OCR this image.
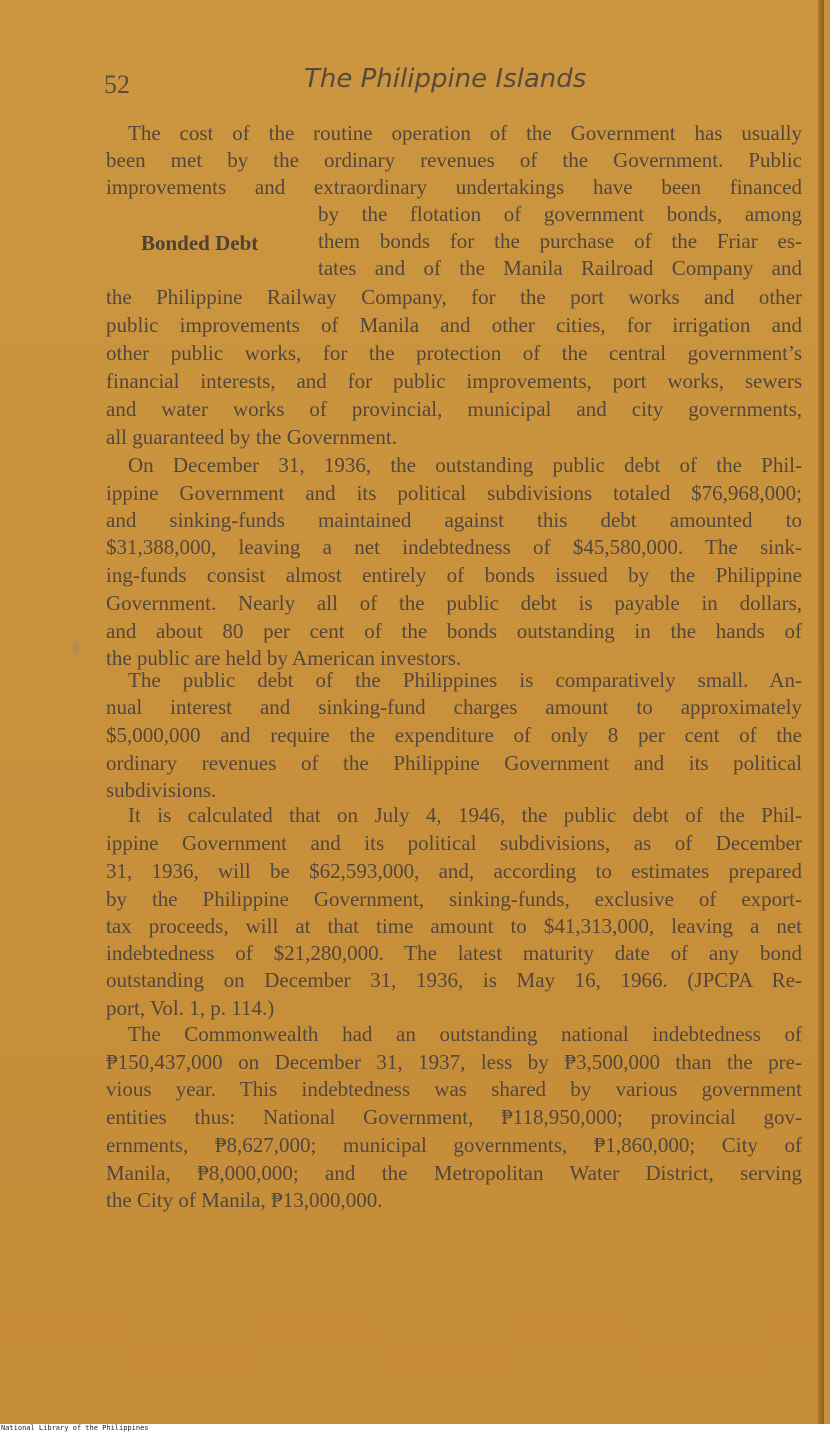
52	The Philippine Islands
Bonded Debt

The cost of the routine operation of the Government has usually

been met by the ordinary revenues of the Government. Public

improvements and extraordinary undertakings have been financed

by the flotation of government bonds, among

them bonds for the purchase of the Friar es-

tates and of the Manila Railroad Company and

the Philippine Railway Company, for the port works and other

public improvements of Manila and other cities, for irrigation and

other public works, for the protection of the central government’s

financial interests, and for public improvements, port works, sewers

and water works of provincial, municipal and city governments,

all guaranteed by the Government.

On December 31, 1936, the outstanding public debt of the Phil-

ippine Government and its political subdivisions totaled $76,968,000;

and sinking-funds maintained against this debt amounted to

$31,388,000, leaving a net indebtedness of $45,580,000. The sink-

ing-funds consist almost entirely of bonds issued by the Philippine

Government. Nearly all of the public debt is payable in dollars,

and about 80 per cent of the bonds outstanding in the hands of

the public are held by American investors.

The public debt of the Philippines is comparatively small. An-

nual interest and sinking-fund charges amount to approximately

$5,000,000 and require the expenditure of only 8 per cent of the

ordinary revenues of the Philippine Government and its political

subdivisions.

It is calculated that on July 4, 1946, the public debt of the Phil-

ippine Government and its political subdivisions, as of December

31, 1936, will be $62,593,000, and, according to estimates prepared

by the Philippine Government, sinking-funds, exclusive of export-

tax proceeds, will at that time amount to $41,313,000, leaving a net

indebtedness of $21,280,000. The latest maturity date of any bond

outstanding on December 31, 1936, is May 16, 1966. (JPCPA Re-

port, Vol. 1, p. 114.)

The Commonwealth had an outstanding national indebtedness of

₱150,437,000 on December 31, 1937, less by ₱3,500,000 than the pre-

vious year. This indebtedness was shared by various government

entities thus: National Government, ₱118,950,000; provincial gov-

ernments, ₱8,627,000; municipal governments, ₱1,860,000; City of

Manila, ₱8,000,000; and the Metropolitan Water District, serving

the City of Manila, ₱13,000,000.

National Library of the Philippines
